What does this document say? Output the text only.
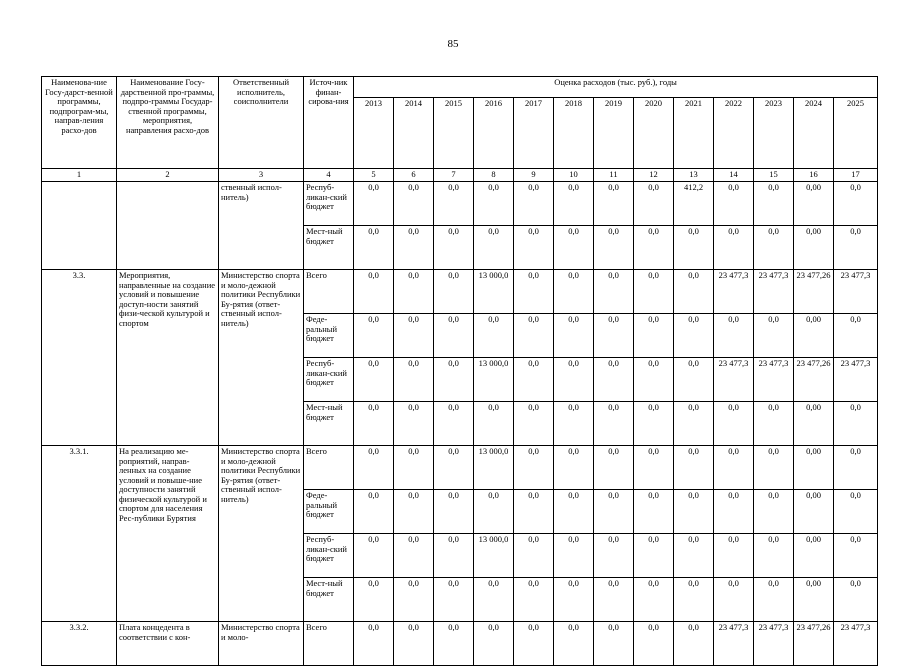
85
Наименова-ние Госу-дарст-венной программы, подпрограм-мы, направ-ления расхо-дов	Наименование Госу-дарственной про-граммы, подпро-граммы Государ-ственной программы, мероприятия, направления расхо-дов	Ответственный исполнитель, соисполнители	Источ-ник финан-сирова-ния	Оценка расходов (тыс. руб.), годы												
				2013	2014	2015	2016	2017	2018	2019	2020	2021	2022	2023	2024	2025
1	2	3	4	5	6	7	8	9	10	11	12	13	14	15	16	17
		ственный испол-нитель)	Респуб-ликан-ский бюджет	0,0	0,0	0,0	0,0	0,0	0,0	0,0	0,0	412,2	0,0	0,0	0,00	0,0
			Мест-ный бюджет	0,0	0,0	0,0	0,0	0,0	0,0	0,0	0,0	0,0	0,0	0,0	0,00	0,0
3.3.	Мероприятия, направленные на создание условий и повышение доступ-ности занятий физи-ческой культурой и спортом	Министерство спорта и моло-дежной политики Республики Бу-рятия (ответ-ственный испол-нитель)	Всего	0,0	0,0	0,0	13 000,0	0,0	0,0	0,0	0,0	0,0	23 477,3	23 477,3	23 477,26	23 477,3
			Феде-ральный бюджет	0,0	0,0	0,0	0,0	0,0	0,0	0,0	0,0	0,0	0,0	0,0	0,00	0,0
			Респуб-ликан-ский бюджет	0,0	0,0	0,0	13 000,0	0,0	0,0	0,0	0,0	0,0	23 477,3	23 477,3	23 477,26	23 477,3
			Мест-ный бюджет	0,0	0,0	0,0	0,0	0,0	0,0	0,0	0,0	0,0	0,0	0,0	0,00	0,0
3.3.1.	На реализацию ме-роприятий, направ-ленных на создание условий и повыше-ние доступности занятий физической культурой и спортом для населения Рес-публики Бурятия	Министерство спорта и моло-дежной политики Республики Бу-рятия (ответ-ственный испол-нитель)	Всего	0,0	0,0	0,0	13 000,0	0,0	0,0	0,0	0,0	0,0	0,0	0,0	0,00	0,0
			Феде-ральный бюджет	0,0	0,0	0,0	0,0	0,0	0,0	0,0	0,0	0,0	0,0	0,0	0,00	0,0
			Респуб-ликан-ский бюджет	0,0	0,0	0,0	13 000,0	0,0	0,0	0,0	0,0	0,0	0,0	0,0	0,00	0,0
			Мест-ный бюджет	0,0	0,0	0,0	0,0	0,0	0,0	0,0	0,0	0,0	0,0	0,0	0,00	0,0
3.3.2.	Плата концедента в соответствии с кон-	Министерство спорта и моло-	Всего	0,0	0,0	0,0	0,0	0,0	0,0	0,0	0,0	0,0	23 477,3	23 477,3	23 477,26	23 477,3
